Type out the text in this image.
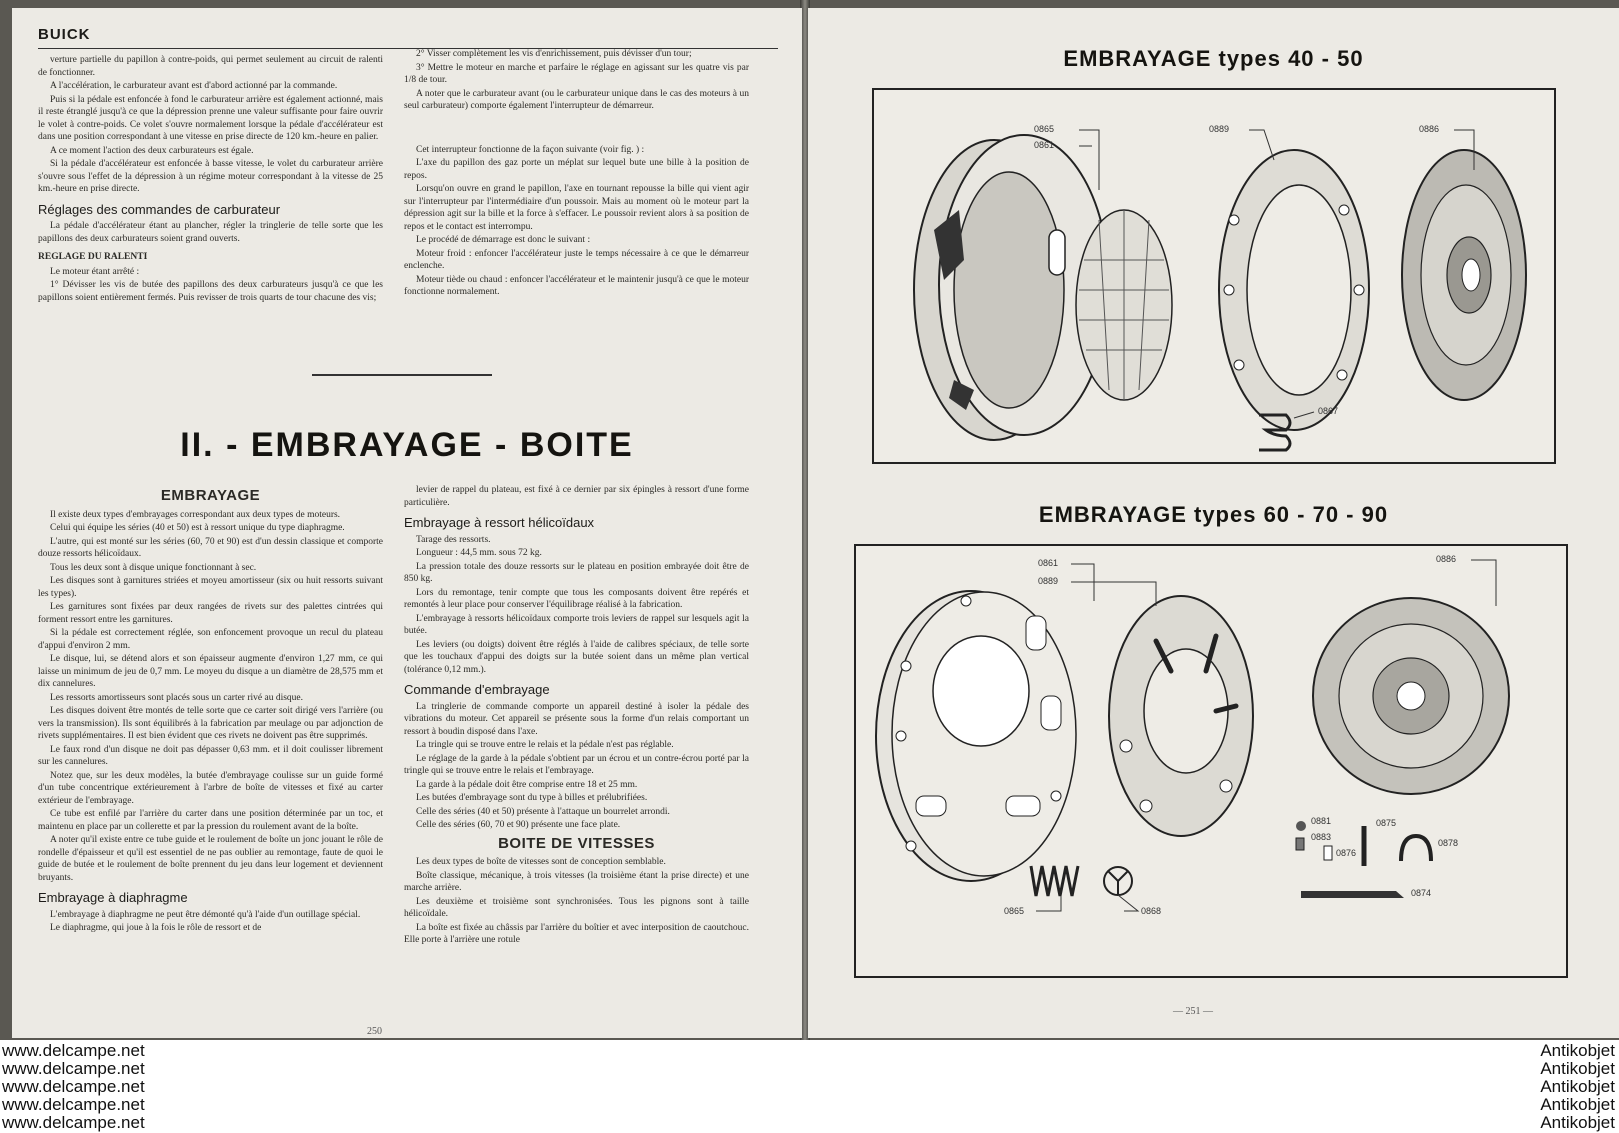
BUICK

verture partielle du papillon à contre-poids, qui permet seulement au circuit de ralenti de fonctionner.

A l'accélération, le carburateur avant est d'abord actionné par la commande.

Puis si la pédale est enfoncée à fond le carburateur arrière est également actionné, mais il reste étranglé jusqu'à ce que la dépression prenne une valeur suffisante pour faire ouvrir le volet à contre-poids. Ce volet s'ouvre normalement lorsque la pédale d'accélérateur est dans une position correspondant à une vitesse en prise directe de 120 km.-heure en palier.

A ce moment l'action des deux carburateurs est égale.

Si la pédale d'accélérateur est enfoncée à basse vitesse, le volet du carburateur arrière s'ouvre sous l'effet de la dépression à un régime moteur correspondant à la vitesse de 25 km.-heure en prise directe.

Réglages des commandes de carburateur

La pédale d'accélérateur étant au plancher, régler la tringlerie de telle sorte que les papillons des deux carburateurs soient grand ouverts.

REGLAGE DU RALENTI

Le moteur étant arrêté :

1° Dévisser les vis de butée des papillons des deux carburateurs jusqu'à ce que les papillons soient entièrement fermés. Puis revisser de trois quarts de tour chacune des vis;

2° Visser complètement les vis d'enrichissement, puis dévisser d'un tour;

3° Mettre le moteur en marche et parfaire le réglage en agissant sur les quatre vis par 1/8 de tour.

A noter que le carburateur avant (ou le carburateur unique dans le cas des moteurs à un seul carburateur) comporte également l'interrupteur de démarreur.

Cet interrupteur fonctionne de la façon suivante (voir fig. ) :

L'axe du papillon des gaz porte un méplat sur lequel bute une bille à la position de repos.

Lorsqu'on ouvre en grand le papillon, l'axe en tournant repousse la bille qui vient agir sur l'interrupteur par l'intermédiaire d'un poussoir. Mais au moment où le moteur part la dépression agit sur la bille et la force à s'effacer. Le poussoir revient alors à sa position de repos et le contact est interrompu.

Le procédé de démarrage est donc le suivant :

Moteur froid : enfoncer l'accélérateur juste le temps nécessaire à ce que le démarreur enclenche.

Moteur tiède ou chaud : enfoncer l'accélérateur et le maintenir jusqu'à ce que le moteur fonctionne normalement.

II. - EMBRAYAGE - BOITE
EMBRAYAGE

Il existe deux types d'embrayages correspondant aux deux types de moteurs.

Celui qui équipe les séries (40 et 50) est à ressort unique du type diaphragme.

L'autre, qui est monté sur les séries (60, 70 et 90) est d'un dessin classique et comporte douze ressorts hélicoïdaux.

Tous les deux sont à disque unique fonctionnant à sec.

Les disques sont à garnitures striées et moyeu amortisseur (six ou huit ressorts suivant les types).

Les garnitures sont fixées par deux rangées de rivets sur des palettes cintrées qui forment ressort entre les garnitures.

Si la pédale est correctement réglée, son enfoncement provoque un recul du plateau d'appui d'environ 2 mm.

Le disque, lui, se détend alors et son épaisseur augmente d'environ 1,27 mm, ce qui laisse un minimum de jeu de 0,7 mm. Le moyeu du disque a un diamètre de 28,575 mm et dix cannelures.

Les ressorts amortisseurs sont placés sous un carter rivé au disque.

Les disques doivent être montés de telle sorte que ce carter soit dirigé vers l'arrière (ou vers la transmission). Ils sont équilibrés à la fabrication par meulage ou par adjonction de rivets supplémentaires. Il est bien évident que ces rivets ne doivent pas être supprimés.

Le faux rond d'un disque ne doit pas dépasser 0,63 mm. et il doit coulisser librement sur les cannelures.

Notez que, sur les deux modèles, la butée d'embrayage coulisse sur un guide formé d'un tube concentrique extérieurement à l'arbre de boîte de vitesses et fixé au carter extérieur de l'embrayage.

Ce tube est enfilé par l'arrière du carter dans une position déterminée par un toc, et maintenu en place par un collerette et par la pression du roulement avant de la boîte.

A noter qu'il existe entre ce tube guide et le roulement de boîte un jonc jouant le rôle de rondelle d'épaisseur et qu'il est essentiel de ne pas oublier au remontage, faute de quoi le guide de butée et le roulement de boîte prennent du jeu dans leur logement et deviennent bruyants.

Embrayage à diaphragme

L'embrayage à diaphragme ne peut être démonté qu'à l'aide d'un outillage spécial.

Le diaphragme, qui joue à la fois le rôle de ressort et de

levier de rappel du plateau, est fixé à ce dernier par six épingles à ressort d'une forme particulière.

Embrayage à ressort hélicoïdaux

Tarage des ressorts.

Longueur : 44,5 mm. sous 72 kg.

La pression totale des douze ressorts sur le plateau en position embrayée doit être de 850 kg.

Lors du remontage, tenir compte que tous les composants doivent être repérés et remontés à leur place pour conserver l'équilibrage réalisé à la fabrication.

L'embrayage à ressorts hélicoïdaux comporte trois leviers de rappel sur lesquels agit la butée.

Les leviers (ou doigts) doivent être réglés à l'aide de calibres spéciaux, de telle sorte que les touchaux d'appui des doigts sur la butée soient dans un même plan vertical (tolérance 0,12 mm.).

Commande d'embrayage

La tringlerie de commande comporte un appareil destiné à isoler la pédale des vibrations du moteur. Cet appareil se présente sous la forme d'un relais comportant un ressort à boudin disposé dans l'axe.

La tringle qui se trouve entre le relais et la pédale n'est pas réglable.

Le réglage de la garde à la pédale s'obtient par un écrou et un contre-écrou porté par la tringle qui se trouve entre le relais et l'embrayage.

La garde à la pédale doit être comprise entre 18 et 25 mm.

Les butées d'embrayage sont du type à billes et prélubrifiées.

Celle des séries (40 et 50) présente à l'attaque un bourrelet arrondi.

Celle des séries (60, 70 et 90) présente une face plate.

BOITE DE VITESSES

Les deux types de boîte de vitesses sont de conception semblable.

Boîte classique, mécanique, à trois vitesses (la troisième étant la prise directe) et une marche arrière.

Les deuxième et troisième sont synchronisées. Tous les pignons sont à taille hélicoïdale.

La boîte est fixée au châssis par l'arrière du boîtier et avec interposition de caoutchouc. Elle porte à l'arrière une rotule

250
EMBRAYAGE types 40 - 50
0865
0861
0889	0886
0867
EMBRAYAGE types 60 - 70 - 90
0861
0889
0886
0881
0883
0876
0875
0878
0865	0868
0874
— 251 —
www.delcampe.net
www.delcampe.net
www.delcampe.net
www.delcampe.net
www.delcampe.net
Antikobjet
Antikobjet
Antikobjet
Antikobjet
Antikobjet
